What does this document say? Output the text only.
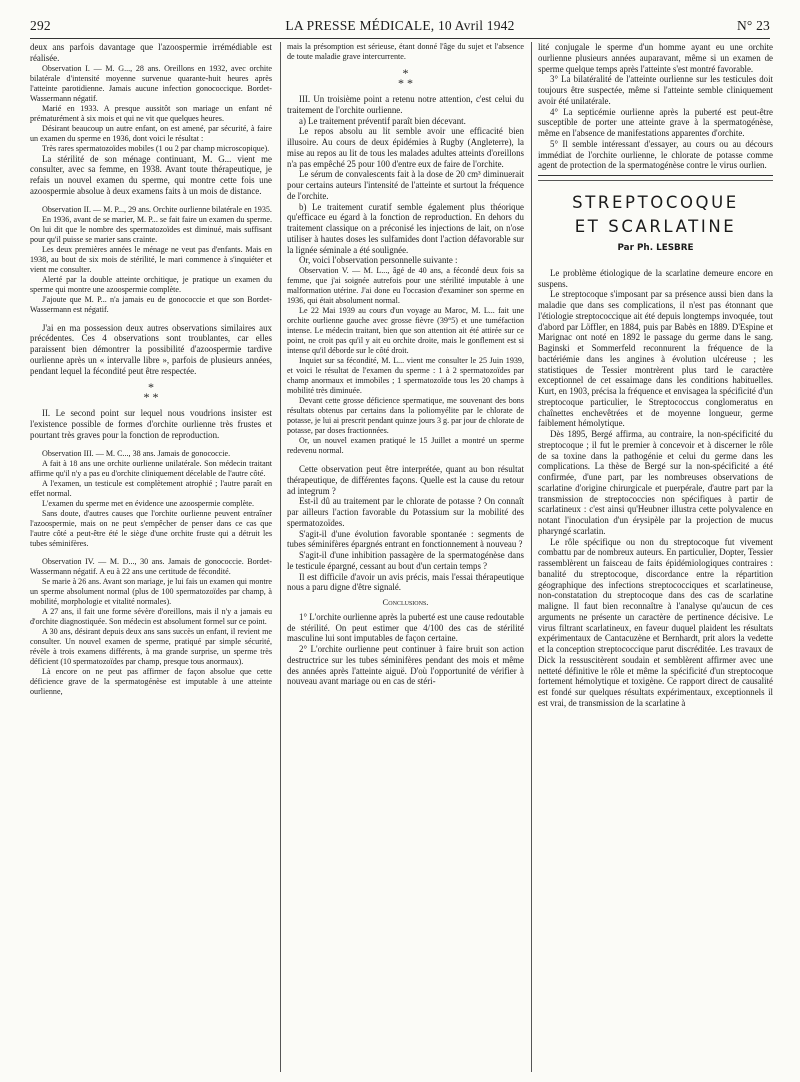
292	LA PRESSE MÉDICALE, 10 Avril 1942	N° 23

deux ans parfois davantage que l'azoospermie irrémédiable est réalisée.

Observation I. — M. G..., 28 ans. Oreillons en 1932, avec orchite bilatérale d'intensité moyenne survenue quarante-huit heures après l'atteinte parotidienne. Jamais aucune infection gonococcique. Bordet-Wassermann négatif.

Marié en 1933. A presque aussitôt son mariage un enfant né prématurément à six mois et qui ne vit que quelques heures.

Désirant beaucoup un autre enfant, on est amené, par sécurité, à faire un examen du sperme en 1936, dont voici le résultat :

Très rares spermatozoïdes mobiles (1 ou 2 par champ microscopique).

La stérilité de son ménage continuant, M. G... vient me consulter, avec sa femme, en 1938. Avant toute thérapeutique, je refais un nouvel examen du sperme, qui montre cette fois une azoospermie absolue à deux examens faits à un mois de distance.

Observation II. — M. P..., 29 ans. Orchite ourlienne bilatérale en 1935.

En 1936, avant de se marier, M. P... se fait faire un examen du sperme. On lui dit que le nombre des spermatozoïdes est diminué, mais suffisant pour qu'il puisse se marier sans crainte.

Les deux premières années le ménage ne veut pas d'enfants. Mais en 1938, au bout de six mois de stérilité, le mari commence à s'inquiéter et vient me consulter.

Alerté par la double atteinte orchitique, je pratique un examen du sperme qui montre une azoospermie complète.

J'ajoute que M. P... n'a jamais eu de gonococcie et que son Bordet-Wassermann est négatif.

J'ai en ma possession deux autres observations similaires aux précédentes. Ces 4 observations sont troublantes, car elles paraissent bien démontrer la possibilité d'azoospermie tardive ourlienne après un « intervalle libre », parfois de plusieurs années, pendant lequel la fécondité peut être respectée.

*
* *

II. Le second point sur lequel nous voudrions insister est l'existence possible de formes d'orchite ourlienne très frustes et pourtant très graves pour la fonction de reproduction.

Observation III. — M. C..., 38 ans. Jamais de gonococcie.

A fait à 18 ans une orchite ourlienne unilatérale. Son médecin traitant affirme qu'il n'y a pas eu d'orchite cliniquement décelable de l'autre côté.

A l'examen, un testicule est complètement atrophié ; l'autre paraît en effet normal.

L'examen du sperme met en évidence une azoospermie complète.

Sans doute, d'autres causes que l'orchite ourlienne peuvent entraîner l'azoospermie, mais on ne peut s'empêcher de penser dans ce cas que l'autre côté a peut-être été le siège d'une orchite fruste qui a détruit les tubes séminifères.

Observation IV. — M. D..., 30 ans. Jamais de gonococcie. Bordet-Wassermann négatif. A eu à 22 ans une certitude de fécondité.

Se marie à 26 ans. Avant son mariage, je lui fais un examen qui montre un sperme absolument normal (plus de 100 spermatozoïdes par champ, à mobilité, morphologie et vitalité normales).

A 27 ans, il fait une forme sévère d'oreillons, mais il n'y a jamais eu d'orchite diagnostiquée. Son médecin est absolument formel sur ce point.

A 30 ans, désirant depuis deux ans sans succès un enfant, il revient me consulter. Un nouvel examen de sperme, pratiqué par simple sécurité, révèle à trois examens différents, à ma grande surprise, un sperme très déficient (10 spermatozoïdes par champ, presque tous anormaux).

Là encore on ne peut pas affirmer de façon absolue que cette déficience grave de la spermatogénèse est imputable à une atteinte ourlienne,

mais la présomption est sérieuse, étant donné l'âge du sujet et l'absence de toute maladie grave intercurrente.

*
* *

III. Un troisième point a retenu notre attention, c'est celui du traitement de l'orchite ourlienne.

a) Le traitement préventif paraît bien décevant.

Le repos absolu au lit semble avoir une efficacité bien illusoire. Au cours de deux épidémies à Rugby (Angleterre), la mise au repos au lit de tous les malades adultes atteints d'oreillons n'a pas empêché 25 pour 100 d'entre eux de faire de l'orchite.

Le sérum de convalescents fait à la dose de 20 cm³ diminuerait pour certains auteurs l'intensité de l'atteinte et surtout la fréquence de l'orchite.

b) Le traitement curatif semble également plus théorique qu'efficace eu égard à la fonction de reproduction. En dehors du traitement classique on a préconisé les injections de lait, on n'ose utiliser à hautes doses les sulfamides dont l'action défavorable sur la lignée séminale a été soulignée.

Or, voici l'observation personnelle suivante :

Observation V. — M. L..., âgé de 40 ans, a fécondé deux fois sa femme, que j'ai soignée autrefois pour une stérilité imputable à une malformation utérine. J'ai done eu l'occasion d'examiner son sperme en 1936, qui était absolument normal.

Le 22 Mai 1939 au cours d'un voyage au Maroc, M. L... fait une orchite ourlienne gauche avec grosse fièvre (39°5) et une tuméfaction intense. Le médecin traitant, bien que son attention ait été attirée sur ce point, ne croit pas qu'il y ait eu orchite droite, mais le gonflement est si intense qu'il déborde sur le côté droit.

Inquiet sur sa fécondité, M. L... vient me consulter le 25 Juin 1939, et voici le résultat de l'examen du sperme : 1 à 2 spermatozoïdes par champ anormaux et immobiles ; 1 spermatozoïde tous les 20 champs à mobilité très diminuée.

Devant cette grosse déficience spermatique, me souvenant des bons résultats obtenus par certains dans la poliomyélite par le chlorate de potasse, je lui ai prescrit pendant quinze jours 3 g. par jour de chlorate de potasse, par doses fractionnées.

Or, un nouvel examen pratiqué le 15 Juillet a montré un sperme redevenu normal.

Cette observation peut être interprétée, quant au bon résultat thérapeutique, de différentes façons. Quelle est la cause du retour ad integrum ?

Est-il dû au traitement par le chlorate de potasse ? On connaît par ailleurs l'action favorable du Potassium sur la mobilité des spermatozoïdes.

S'agit-il d'une évolution favorable spontanée : segments de tubes séminifères épargnés entrant en fonctionnement à nouveau ?

S'agit-il d'une inhibition passagère de la spermatogénèse dans le testicule épargné, cessant au bout d'un certain temps ?

Il est difficile d'avoir un avis précis, mais l'essai thérapeutique nous a paru digne d'être signalé.

Conclusions.

1° L'orchite ourlienne après la puberté est une cause redoutable de stérilité. On peut estimer que 4/100 des cas de stérilité masculine lui sont imputables de façon certaine.

2° L'orchite ourlienne peut continuer à faire bruit son action destructrice sur les tubes séminifères pendant des mois et même des années après l'atteinte aiguë. D'où l'opportunité de vérifier à nouveau avant mariage ou en cas de stéri-

lité conjugale le sperme d'un homme ayant eu une orchite ourlienne plusieurs années auparavant, même si un examen de sperme quelque temps après l'atteinte s'est montré favorable.

3° La bilatéralité de l'atteinte ourlienne sur les testicules doit toujours être suspectée, même si l'atteinte semble cliniquement avoir été unilatérale.

4° La septicémie ourlienne après la puberté est peut-être susceptible de porter une atteinte grave à la spermatogénèse, même en l'absence de manifestations apparentes d'orchite.

5° Il semble intéressant d'essayer, au cours ou au décours immédiat de l'orchite ourlienne, le chlorate de potasse comme agent de protection de la spermatogénèse contre le virus ourlien.

STREPTOCOQUE
ET SCARLATINE
Par Ph. LESBRE

Le problème étiologique de la scarlatine demeure encore en suspens.

Le streptocoque s'imposant par sa présence aussi bien dans la maladie que dans ses complications, il n'est pas étonnant que l'étiologie streptococcique ait été depuis longtemps invoquée, tout d'abord par Löffler, en 1884, puis par Babès en 1889. D'Espine et Marignac ont noté en 1892 le passage du germe dans le sang. Baginski et Sommerfeld reconnurent la fréquence de la bactériémie dans les angines à évolution ulcéreuse ; les statistiques de Tessier montrèrent plus tard le caractère exceptionnel de cet essaimage dans les conditions habituelles. Kurt, en 1903, précisa la fréquence et envisagea la spécificité d'un streptocoque particulier, le Streptococcus conglomeratus en chaînettes enchevêtrées et de moyenne longueur, germe faiblement hémolytique.

Dès 1895, Bergé affirma, au contraire, la non-spécificité du streptocoque ; il fut le premier à concevoir et à discerner le rôle de sa toxine dans la pathogénie et celui du germe dans les complications. La thèse de Bergé sur la non-spécificité a été confirmée, d'une part, par les nombreuses observations de scarlatine d'origine chirurgicale et puerpérale, d'autre part par la transmission de streptococcies non spécifiques à partir de scarlatineux : c'est ainsi qu'Heubner illustra cette polyvalence en notant l'inoculation d'un érysipèle par la projection de mucus pharyngé scarlatin.

Le rôle spécifique ou non du streptocoque fut vivement combattu par de nombreux auteurs. En particulier, Dopter, Tessier rassemblèrent un faisceau de faits épidémiologiques contraires : banalité du streptocoque, discordance entre la répartition géographique des infections streptococciques et scarlatineuse, non-constatation du streptocoque dans des cas de scarlatine maligne. Il faut bien reconnaître à l'analyse qu'aucun de ces arguments ne présente un caractère de pertinence décisive. Le virus filtrant scarlatineux, en faveur duquel plaident les résultats expérimentaux de Cantacuzène et Bernhardt, prit alors la vedette et la conception streptococcique parut discréditée. Les travaux de Dick la ressuscitèrent soudain et semblèrent affirmer avec une netteté définitive le rôle et même la spécificité d'un streptocoque fortement hémolytique et toxigène. Ce rapport direct de causalité est fondé sur quelques résultats expérimentaux, exceptionnels il est vrai, de transmission de la scarlatine à
